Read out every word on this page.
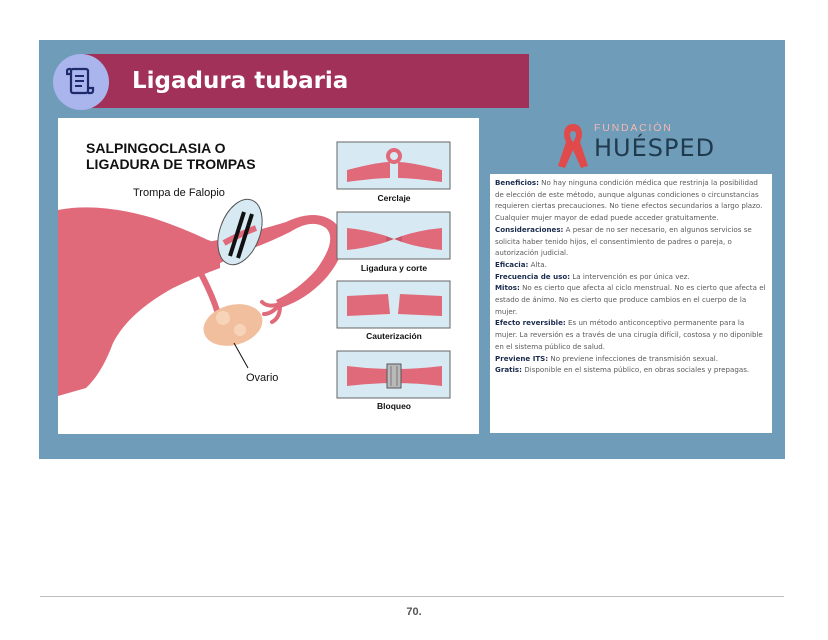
Ligadura tubaria
SALPINGOCLASIA O
LIGADURA DE TROMPAS
Trompa de Falopio
Ovario
Cerclaje
Ligadura y corte
Cauterización
Bloqueo
FUNDACIÓN
HUÉSPED

Beneficios: No hay ninguna condición médica que restrinja la posibilidad de elección de este método, aunque algunas condiciones o circunstancias requieren ciertas precauciones. No tiene efectos secundarios a largo plazo. Cualquier mujer mayor de edad puede acceder gratuitamente.

Consideraciones: A pesar de no ser necesario, en algunos servicios se solicita haber tenido hijos, el consentimiento de padres o pareja, o autorización judicial.

Eficacia: Alta.

Frecuencia de uso: La intervención es por única vez.

Mitos: No es cierto que afecta al ciclo menstrual. No es cierto que afecta el estado de ánimo. No es cierto que produce cambios en el cuerpo de la mujer.

Efecto reversible: Es un método anticonceptivo permanente para la mujer. La reversión es a través de una cirugía difícil, costosa y no diponible en el sistema público de salud.

Previene ITS: No previene infecciones de transmisión sexual.

Gratis: Disponible en el sistema público, en obras sociales y prepagas.

70.
